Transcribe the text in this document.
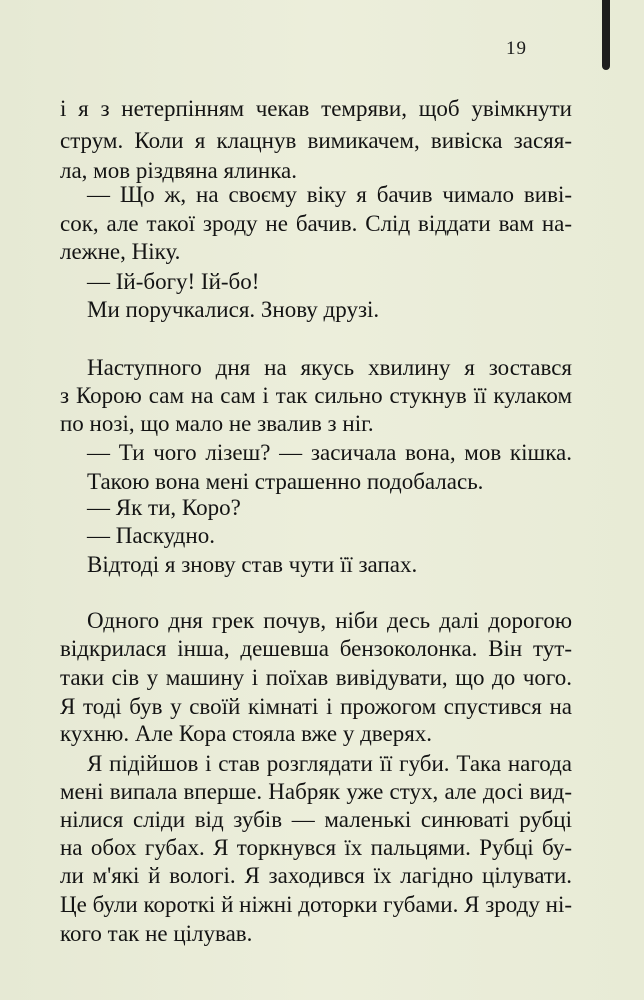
19
і я з нетерпінням чекав темряви, щоб увімкнути
струм. Коли я клацнув вимикачем, вивіска засяя-
ла, мов різдвяна ялинка.
— Що ж, на своєму віку я бачив чимало вивi-
сок, але такої зроду не бачив. Слід віддати вам на-
лежне, Ніку.
— Ій-богу! Ій-бо!
Ми поручкалися. Знову друзі.
Наступного дня на якусь хвилину я зостався
з Корою сам на сам і так сильно стукнув її кулаком
по нозі, що мало не звалив з ніг.
— Ти чого лізеш? — засичала вона, мов кішка.
Такою вона мені страшенно подобалась.
— Як ти, Коро?
— Паскудно.
Відтоді я знову став чути її запах.
Одного дня грек почув, ніби десь далі дорогою
відкрилася інша, дешевша бензоколонка. Він тут-
таки сів у машину і поїхав вивідувати, що до чого.
Я тоді був у своїй кімнаті і прожогом спустився на
кухню. Але Кора стояла вже у дверях.
Я підійшов і став розглядати її губи. Така нагода
мені випала вперше. Набряк уже стух, але досі вид-
нілися сліди від зубів — маленькі синюваті рубці
на обох губах. Я торкнувся їх пальцями. Рубці бу-
ли м'які й вологі. Я заходився їх лагідно цілувати.
Це були короткі й ніжні доторки губами. Я зроду ні-
кого так не цілував.
